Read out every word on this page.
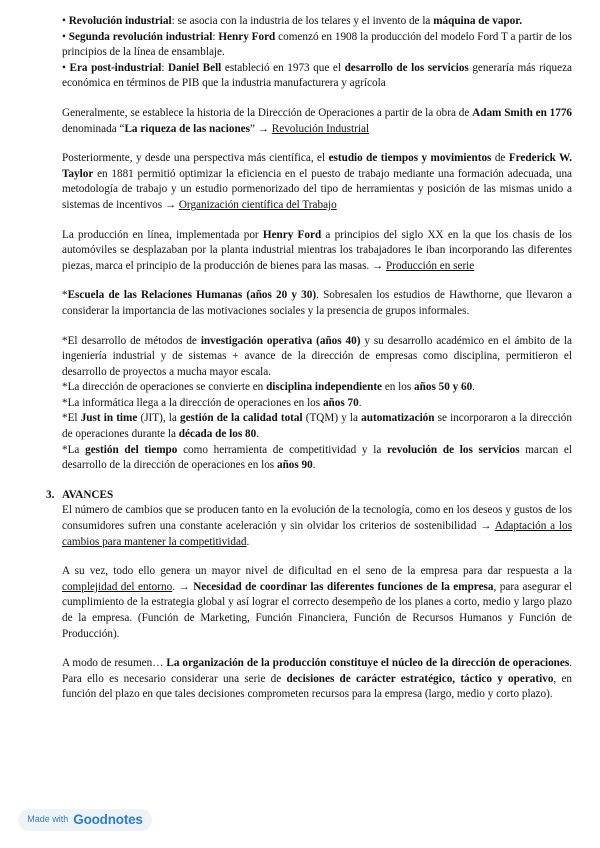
• Revolución industrial: se asocia con la industria de los telares y el invento de la máquina de vapor.

• Segunda revolución industrial: Henry Ford comenzó en 1908 la producción del modelo Ford T a partir de los principios de la línea de ensamblaje.

• Era post-industrial: Daniel Bell estableció en 1973 que el desarrollo de los servicios generaría más riqueza económica en términos de PIB que la industria manufacturera y agrícola

Generalmente, se establece la historia de la Dirección de Operaciones a partir de la obra de Adam Smith en 1776 denominada “La riqueza de las naciones” → Revolución Industrial

Posteriormente, y desde una perspectiva más científica, el estudio de tiempos y movimientos de Frederick W. Taylor en 1881 permitió optimizar la eficiencia en el puesto de trabajo mediante una formación adecuada, una metodología de trabajo y un estudio pormenorizado del tipo de herramientas y posición de las mismas unido a sistemas de incentivos → Organización científica del Trabajo

La producción en línea, implementada por Henry Ford a principios del siglo XX en la que los chasis de los automóviles se desplazaban por la planta industrial mientras los trabajadores le iban incorporando las diferentes piezas, marca el principio de la producción de bienes para las masas. → Producción en serie

*Escuela de las Relaciones Humanas (años 20 y 30). Sobresalen los estudios de Hawthorne, que llevaron a considerar la importancia de las motivaciones sociales y la presencia de grupos informales.

*El desarrollo de métodos de investigación operativa (años 40) y su desarrollo académico en el ámbito de la ingeniería industrial y de sistemas + avance de la dirección de empresas como disciplina, permitieron el desarrollo de proyectos a mucha mayor escala.

*La dirección de operaciones se convierte en disciplina independiente en los años 50 y 60.

*La informática llega a la dirección de operaciones en los años 70.

*El Just in time (JIT), la gestión de la calidad total (TQM) y la automatización se incorporaron a la dirección de operaciones durante la década de los 80.

*La gestión del tiempo como herramienta de competitividad y la revolución de los servicios marcan el desarrollo de la dirección de operaciones en los años 90.

3. AVANCES

El número de cambios que se producen tanto en la evolución de la tecnología, como en los deseos y gustos de los consumidores sufren una constante aceleración y sin olvidar los criterios de sostenibilidad → Adaptación a los cambios para mantener la competitividad.

A su vez, todo ello genera un mayor nivel de dificultad en el seno de la empresa para dar respuesta a la complejidad del entorno. → Necesidad de coordinar las diferentes funciones de la empresa, para asegurar el cumplimiento de la estrategia global y así lograr el correcto desempeño de los planes a corto, medio y largo plazo de la empresa. (Función de Marketing, Función Financiera, Función de Recursos Humanos y Función de Producción).

A modo de resumen… La organización de la producción constituye el núcleo de la dirección de operaciones. Para ello es necesario considerar una serie de decisiones de carácter estratégico, táctico y operativo, en función del plazo en que tales decisiones comprometen recursos para la empresa (largo, medio y corto plazo).

Made with Goodnotes
